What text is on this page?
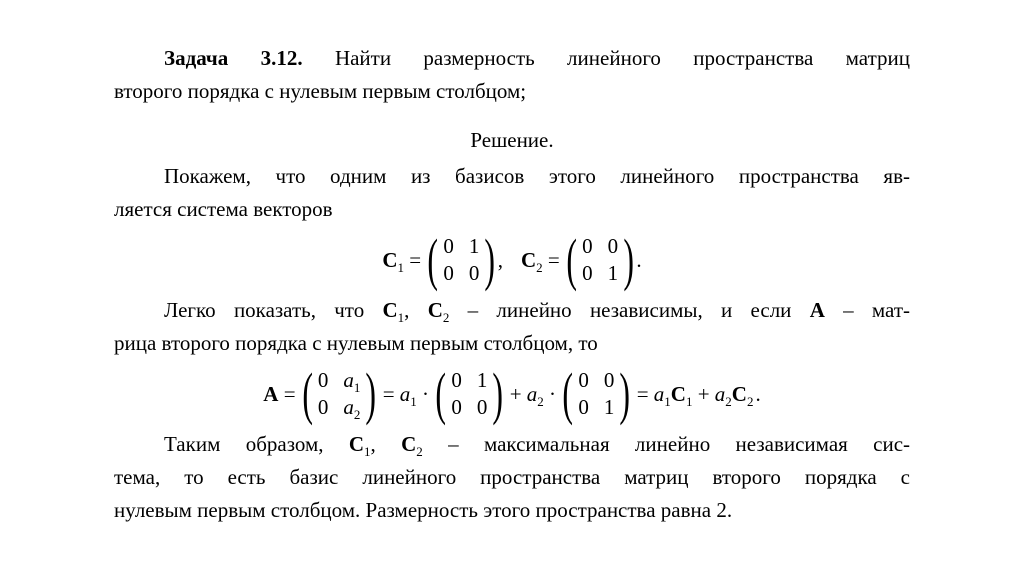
Задача 3.12. Найти размерность линейного пространства матриц
второго порядка с нулевым первым столбцом;
Решение.
Покажем, что одним из базисов этого линейного пространства яв-
ляется система векторов
$C_1$ = ( 0 1
0 0 ) , $C_2$ = ( 0 0
0 1 ) .
Легко показать, что $C_1$, $C_2$ – линейно независимы, и если A – мат-
рица второго порядка с нулевым первым столбцом, то
A = ( 0 $a_1$
0 $a_2$ ) = $a_1$ · ( 0 1
0 0 ) + $a_2$ · ( 0 0
0 1 ) = $a_1C_1 + a_2C_2$ .
Таким образом, $C_1$, $C_2$ – максимальная линейно независимая сис-
тема, то есть базис линейного пространства матриц второго порядка с
нулевым первым столбцом. Размерность этого пространства равна 2.
